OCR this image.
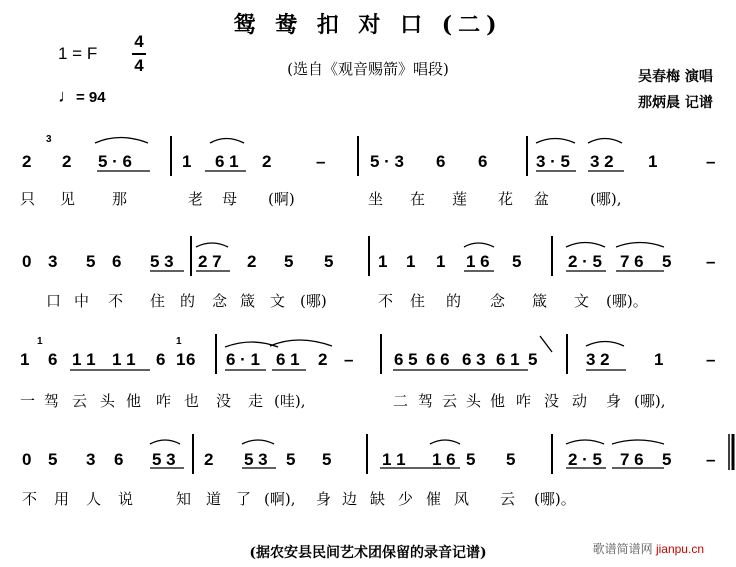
鸳 鸯 扣 对 口 (二)
(选自《观音赐箭》唱段)
1 = F
4
4
♩= 94
吴春梅 演唱
那炳晨 记谱
2 2 5 · 6	1 6 1 2	–	5 · 3 6 6	3 · 5 3 2 1	–
只 见 那	老 母 (啊)	坐 在 莲 花 盆	(哪),
0 3 5 6 5 3 2 7 2 5 5	1 1 1 1 6 5	2 · 5 7 6 5 –
口 中 不 住 的 念 箴 文 (哪)	不 住 的 念 箴 文 (哪)。
1 6 1 1 1 1 6 1 6 6 · 1 6 1 2 – 6 5 6 6 6 3 6 1 5	3 2	1	–
一 驾 云 头 他 咋 也 没 走 (哇),	二 驾 云 头 他 咋 没 动 身 (哪),
0 5 3 6 5 3 2 5 3 5 5	1 1 1 6 5 5	2 · 5 7 6 5 –
不 用 人 说	知 道 了 (啊), 身 边 缺 少 催 风 云 (哪)。
(据农安县民间艺术团保留的录音记谱)	歌谱简谱网 jianpu.cn
3
1	1
